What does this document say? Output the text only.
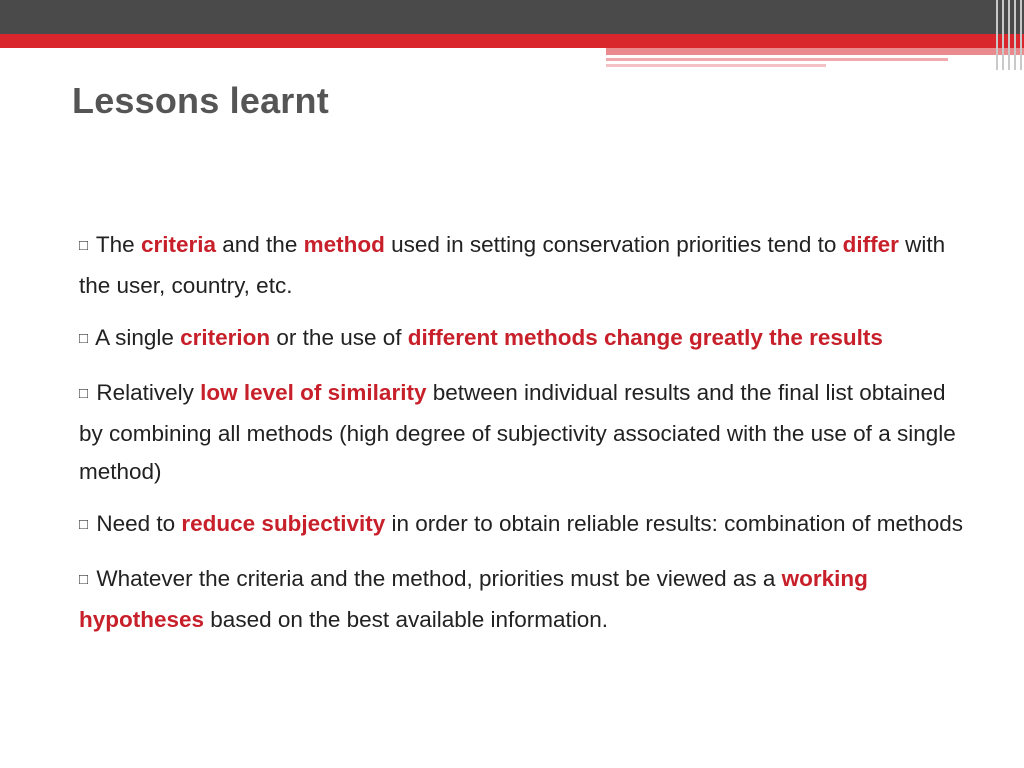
Lessons learnt

□ The criteria and the method used in setting conservation priorities tend to differ with the user, country, etc.

□ A single criterion or the use of different methods change greatly the results

□ Relatively low level of similarity between individual results and the final list obtained by combining all methods (high degree of subjectivity associated with the use of a single method)

□ Need to reduce subjectivity in order to obtain reliable results: combination of methods

□ Whatever the criteria and the method, priorities must be viewed as a working hypotheses based on the best available information.
